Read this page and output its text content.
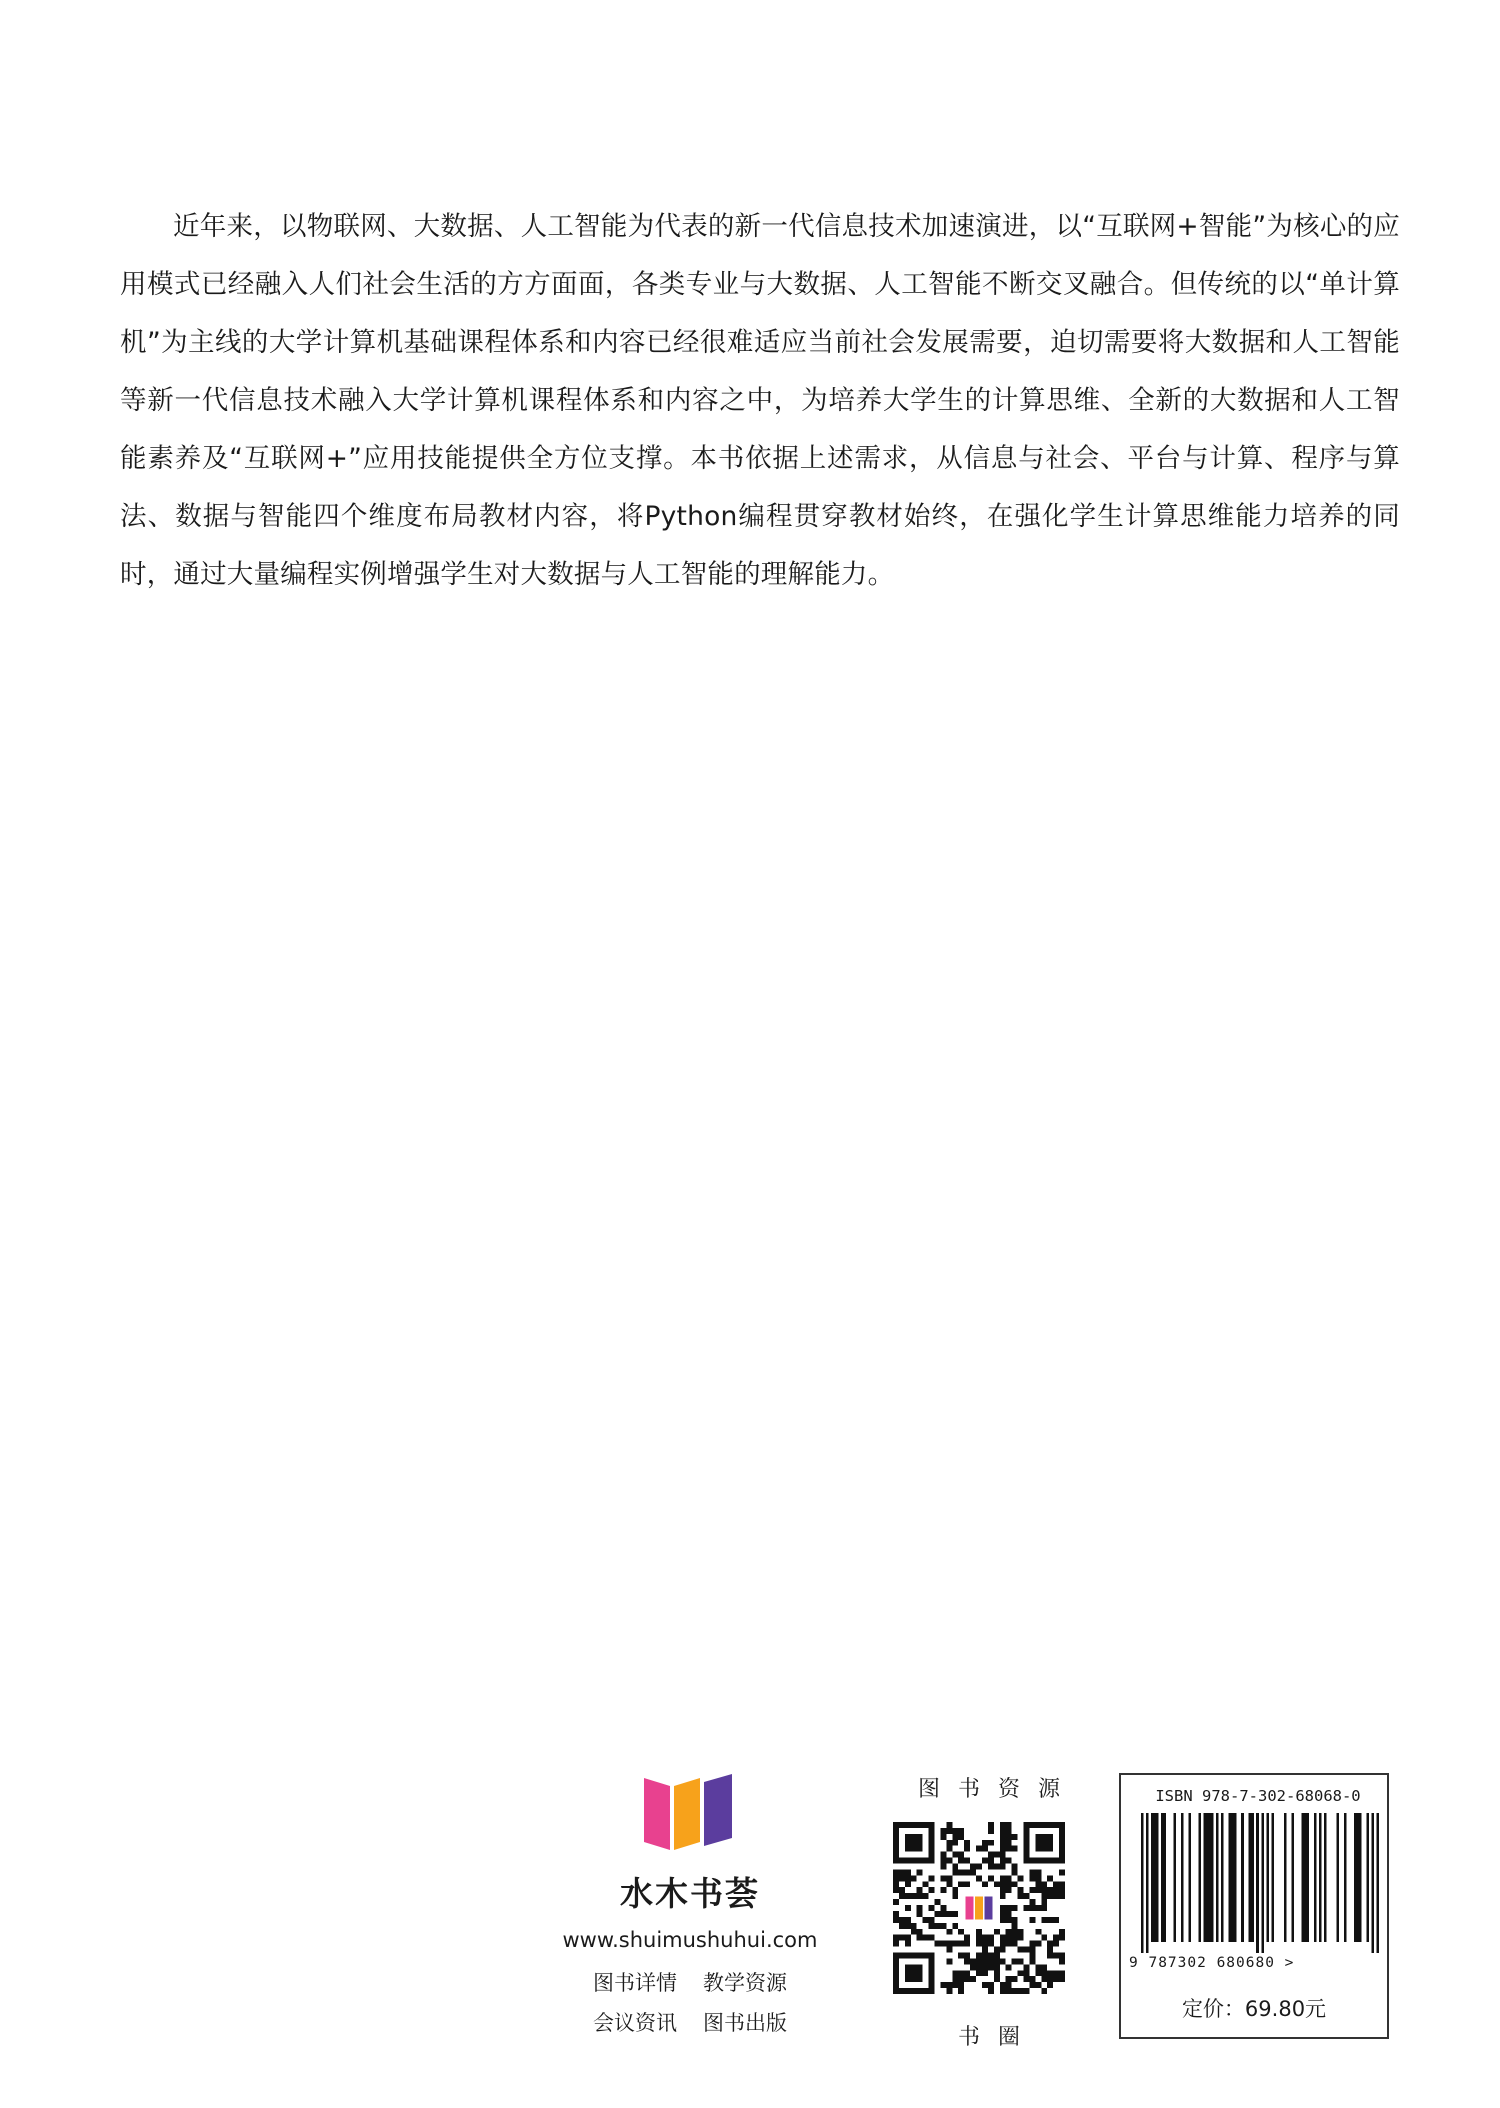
近年来，以物联网、大数据、人工智能为代表的新一代信息技术加速演进，以“互联网+智能”为核心的应用模式已经融入人们社会生活的方方面面，各类专业与大数据、人工智能不断交叉融合。但传统的以“单计算机”为主线的大学计算机基础课程体系和内容已经很难适应当前社会发展需要，迫切需要将大数据和人工智能等新一代信息技术融入大学计算机课程体系和内容之中，为培养大学生的计算思维、全新的大数据和人工智能素养及“互联网+”应用技能提供全方位支撑。本书依据上述需求，从信息与社会、平台与计算、程序与算法、数据与智能四个维度布局教材内容，将Python编程贯穿教材始终，在强化学生计算思维能力培养的同时，通过大量编程实例增强学生对大数据与人工智能的理解能力。

水木书荟
www.shuimushuhui.com
图书详情 教学资源
会议资讯 图书出版
图书资源
书圈
ISBN 978-7-302-68068-0
9 787302 680680 >
定价：69.80元
